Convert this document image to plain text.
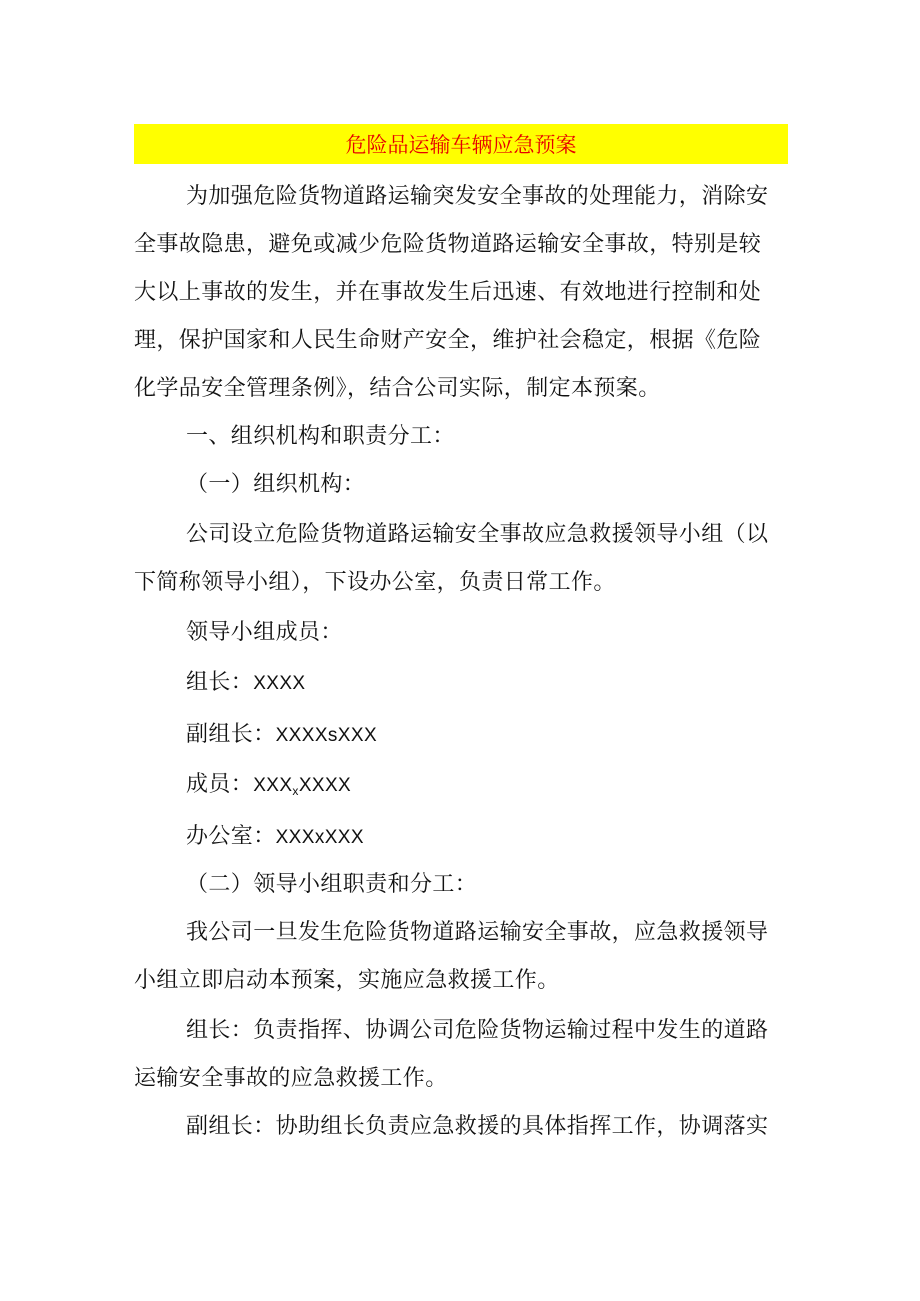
危险品运输车辆应急预案
为加强危险货物道路运输突发安全事故的处理能力，消除安
全事故隐患，避免或减少危险货物道路运输安全事故，特别是较
大以上事故的发生，并在事故发生后迅速、有效地进行控制和处
理，保护国家和人民生命财产安全，维护社会稳定，根据《危险
化学品安全管理条例》，结合公司实际，制定本预案。
一、组织机构和职责分工：
（一）组织机构：
公司设立危险货物道路运输安全事故应急救援领导小组（以
下简称领导小组），下设办公室，负责日常工作。
领导小组成员：
组长：XXXX
副组长：XXXXsXXX
成员：$XXX_xXXXX$
办公室：XXXxXXX
（二）领导小组职责和分工：
我公司一旦发生危险货物道路运输安全事故，应急救援领导
小组立即启动本预案，实施应急救援工作。
组长：负责指挥、协调公司危险货物运输过程中发生的道路
运输安全事故的应急救援工作。
副组长：协助组长负责应急救援的具体指挥工作，协调落实
